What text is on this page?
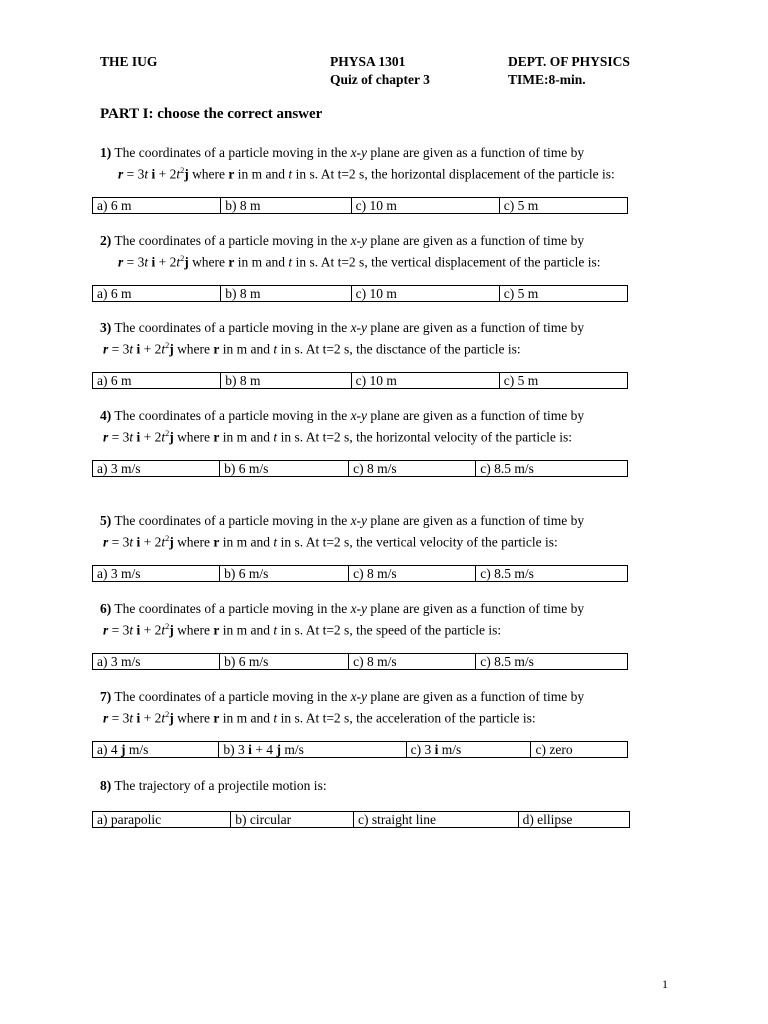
THE IUG	PHYSA 1301
Quiz of chapter 3
DEPT. OF PHYSICS
TIME:8-min.
PART I: choose the correct answer
1) The coordinates of a particle moving in the x-y plane are given as a function of time by
r = 3t $i + 2t^2j$ where r in m and t in s. At t=2 s, the horizontal displacement of the particle is:
a) 6 m	b) 8 m	c) 10 m	c) 5 m
2) The coordinates of a particle moving in the x-y plane are given as a function of time by
r = 3t $i + 2t^2j$ where r in m and t in s. At t=2 s, the vertical displacement of the particle is:
a) 6 m	b) 8 m	c) 10 m	c) 5 m
3) The coordinates of a particle moving in the x-y plane are given as a function of time by
r = 3t $i + 2t^2j$ where r in m and t in s. At t=2 s, the disctance of the particle is:
a) 6 m	b) 8 m	c) 10 m	c) 5 m
4) The coordinates of a particle moving in the x-y plane are given as a function of time by
r = 3t $i + 2t^2j$ where r in m and t in s. At t=2 s, the horizontal velocity of the particle is:
a) 3 m/s	b) 6 m/s	c) 8 m/s	c) 8.5 m/s
5) The coordinates of a particle moving in the x-y plane are given as a function of time by
r = 3t $i + 2t^2j$ where r in m and t in s. At t=2 s, the vertical velocity of the particle is:
a) 3 m/s	b) 6 m/s	c) 8 m/s	c) 8.5 m/s
6) The coordinates of a particle moving in the x-y plane are given as a function of time by
r = 3t $i + 2t^2j$ where r in m and t in s. At t=2 s, the speed of the particle is:
a) 3 m/s	b) 6 m/s	c) 8 m/s	c) 8.5 m/s
7) The coordinates of a particle moving in the x-y plane are given as a function of time by
r = 3t $i + 2t^2j$ where r in m and t in s. At t=2 s, the acceleration of the particle is:
a) 4 j m/s	b) 3 i + 4 j m/s	c) 3 i m/s	c) zero
8) The trajectory of a projectile motion is:
a) parapolic	b) circular	c) straight line	d) ellipse
1
